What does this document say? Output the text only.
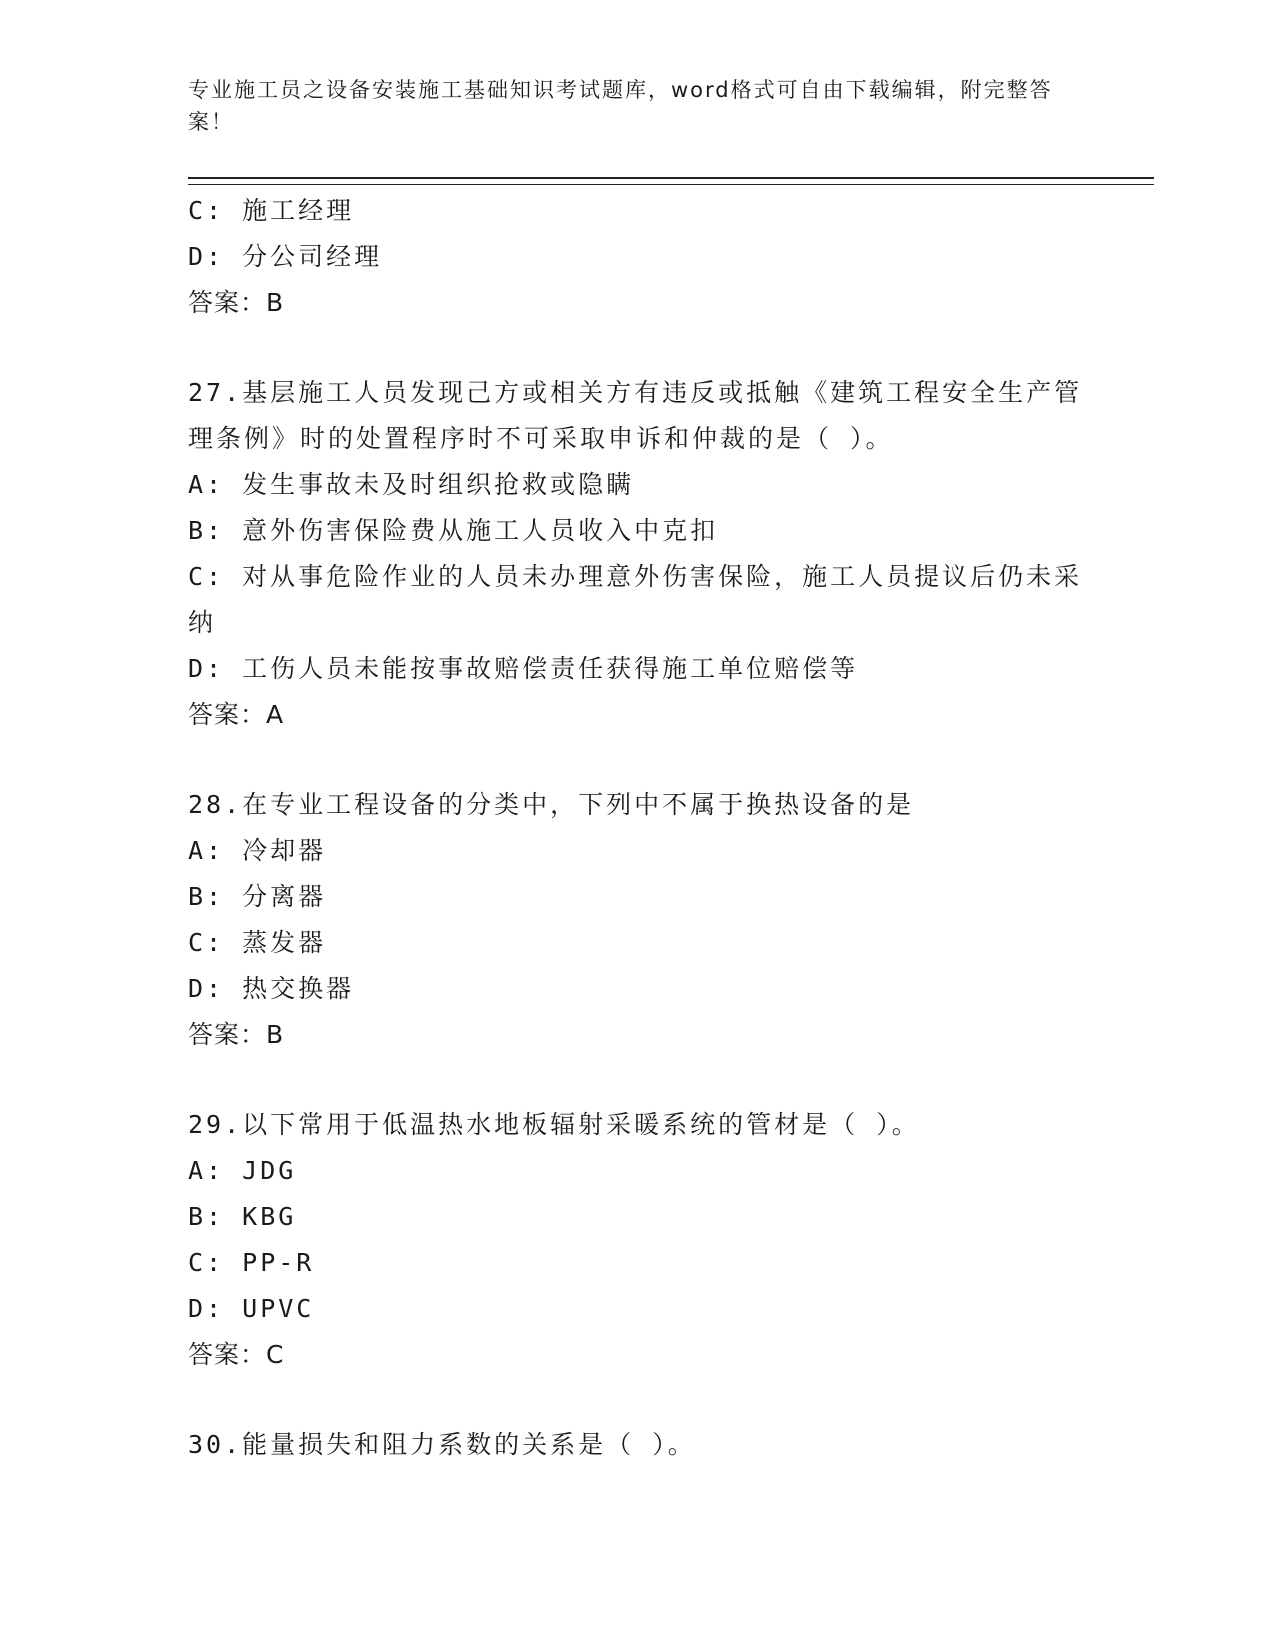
专业施工员之设备安装施工基础知识考试题库，word格式可自由下载编辑，附完整答案！

C: 施工经理

D: 分公司经理

答案：B

27.基层施工人员发现己方或相关方有违反或抵触《建筑工程安全生产管理条例》时的处置程序时不可采取申诉和仲裁的是（ ）。

A: 发生事故未及时组织抢救或隐瞒

B: 意外伤害保险费从施工人员收入中克扣

C: 对从事危险作业的人员未办理意外伤害保险，施工人员提议后仍未采纳

D: 工伤人员未能按事故赔偿责任获得施工单位赔偿等

答案：A

28.在专业工程设备的分类中，下列中不属于换热设备的是

A: 冷却器

B: 分离器

C: 蒸发器

D: 热交换器

答案：B

29.以下常用于低温热水地板辐射采暖系统的管材是（ ）。

A: JDG

B: KBG

C: PP-R

D: UPVC

答案：C

30.能量损失和阻力系数的关系是（ ）。
